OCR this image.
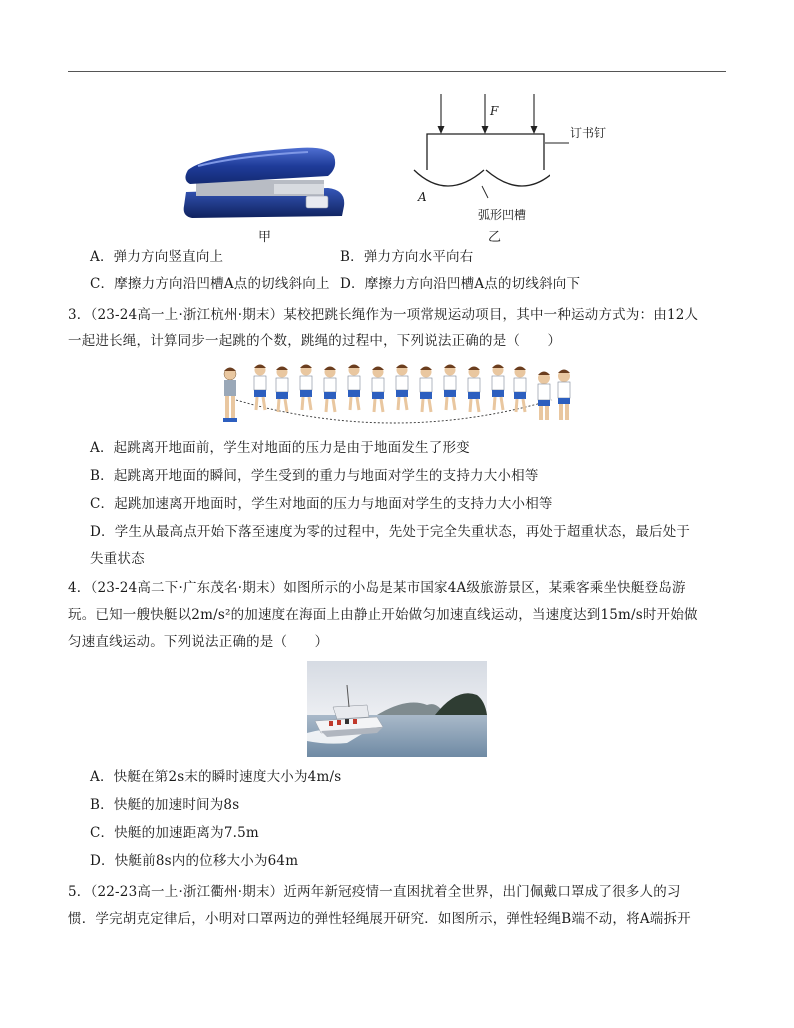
甲
F
订书钉
A
弧形凹槽
乙
A．弹力方向竖直向上	B．弹力方向水平向右
C．摩擦力方向沿凹槽A点的切线斜向上 D．摩擦力方向沿凹槽A点的切线斜向下
3．（23-24高一上·浙江杭州·期末）某校把跳长绳作为一项常规运动项目，其中一种运动方式为：由12人
一起进长绳，计算同步一起跳的个数，跳绳的过程中，下列说法正确的是（　　）
A．起跳离开地面前，学生对地面的压力是由于地面发生了形变
B．起跳离开地面的瞬间，学生受到的重力与地面对学生的支持力大小相等
C．起跳加速离开地面时，学生对地面的压力与地面对学生的支持力大小相等
D．学生从最高点开始下落至速度为零的过程中，先处于完全失重状态，再处于超重状态，最后处于
失重状态
4．（23-24高二下·广东茂名·期末）如图所示的小岛是某市国家4A级旅游景区，某乘客乘坐快艇登岛游
玩。已知一艘快艇以2m/s²的加速度在海面上由静止开始做匀加速直线运动，当速度达到15m/s时开始做
匀速直线运动。下列说法正确的是（　　）
A．快艇在第2s末的瞬时速度大小为4m/s
B．快艇的加速时间为8s
C．快艇的加速距离为7.5m
D．快艇前8s内的位移大小为64m
5．（22-23高一上·浙江衢州·期末）近两年新冠疫情一直困扰着全世界，出门佩戴口罩成了很多人的习
惯．学完胡克定律后，小明对口罩两边的弹性轻绳展开研究．如图所示，弹性轻绳B端不动，将A端拆开
